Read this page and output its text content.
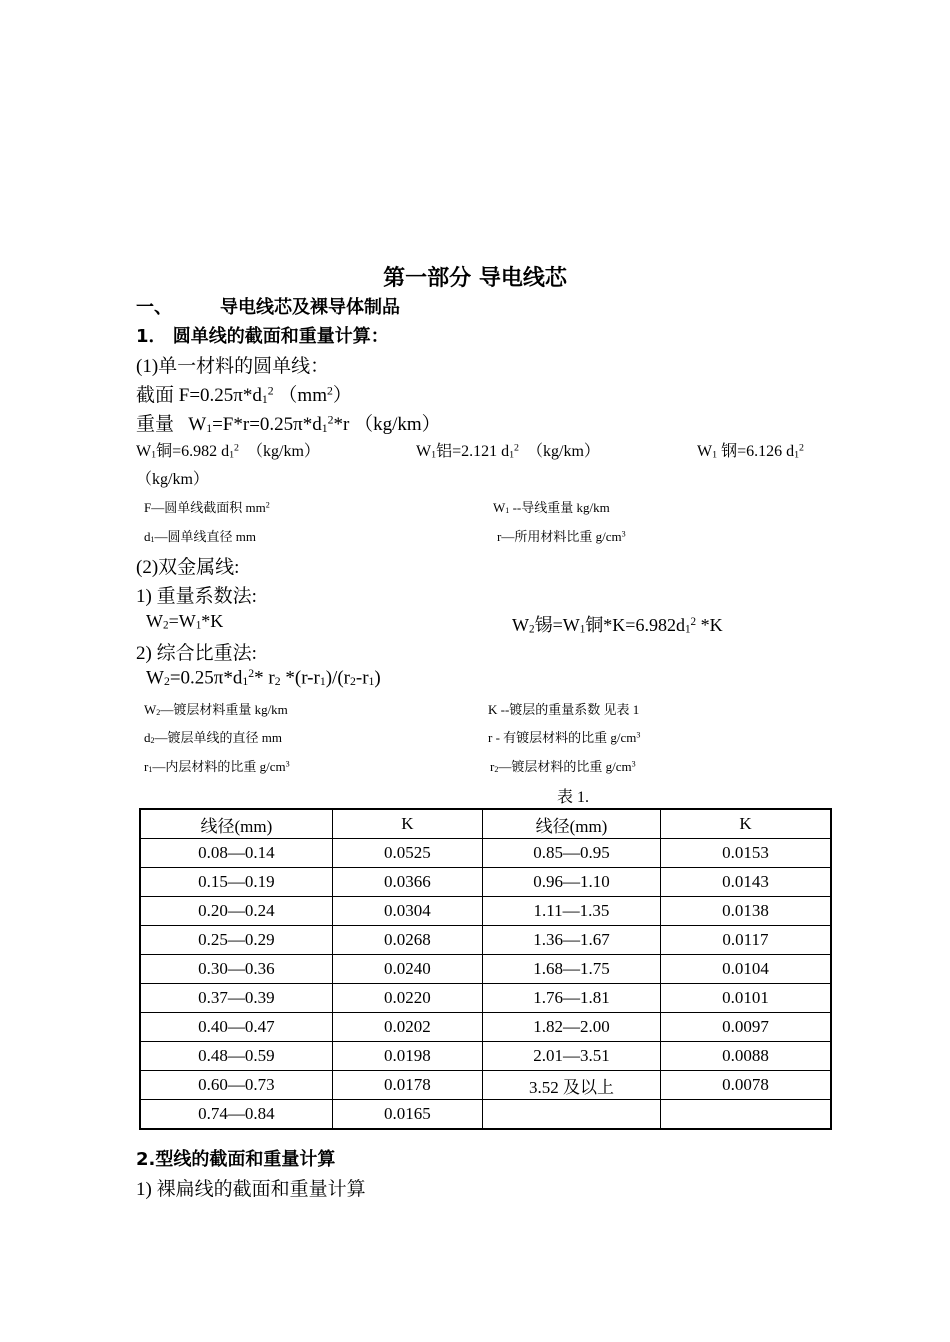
第一部分 导电线芯
一、	导电线芯及裸导体制品
1． 圆单线的截面和重量计算：
(1)单一材料的圆单线：
截面 $F=0.25\pi*d_1^2$ $(mm^2)$
重量 $W_1=F*r=0.25\pi*d_1^2*r$ （kg/km）
$W_1$铜=6.982 $d_1^2$ （kg/km）	$W_1$铝=2.121 $d_1^2$ （kg/km）	$W_1$ 钢=6.126 $d_1^2$
（kg/km）
F—圆单线截面积 $mm^2$	$W_1$ --导线重量 kg/km
$d_1—$圆单线直径 mm	r—所用材料比重 $g/cm^3$
(2)双金属线:
1) 重量系数法:
$W_2=W_1*K$	$W_2$锡$=W_1$铜$*K=6.982d_1^2$ *K
2) 综合比重法:
$W_2=0.25\pi*d_1^2*$ $r_2$ $*(r-r_1)/(r_2-r_1)$
$W_2—$镀层材料重量 kg/km	K --镀层的重量系数 见表 1
$d_2—$镀层单线的直径 mm	r - 有镀层材料的比重 $g/cm^3$
$r_1—$内层材料的比重 $g/cm^3$	$r_2—$镀层材料的比重 $g/cm^3$
表 1.
线径(mm)	K	线径(mm)	K
0.08—0.14	0.0525	0.85—0.95	0.0153
0.15—0.19	0.0366	0.96—1.10	0.0143
0.20—0.24	0.0304	1.11—1.35	0.0138
0.25—0.29	0.0268	1.36—1.67	0.0117
0.30—0.36	0.0240	1.68—1.75	0.0104
0.37—0.39	0.0220	1.76—1.81	0.0101
0.40—0.47	0.0202	1.82—2.00	0.0097
0.48—0.59	0.0198	2.01—3.51	0.0088
0.60—0.73	0.0178	3.52 及以上	0.0078
0.74—0.84	0.0165		
2.型线的截面和重量计算
1) 裸扁线的截面和重量计算
